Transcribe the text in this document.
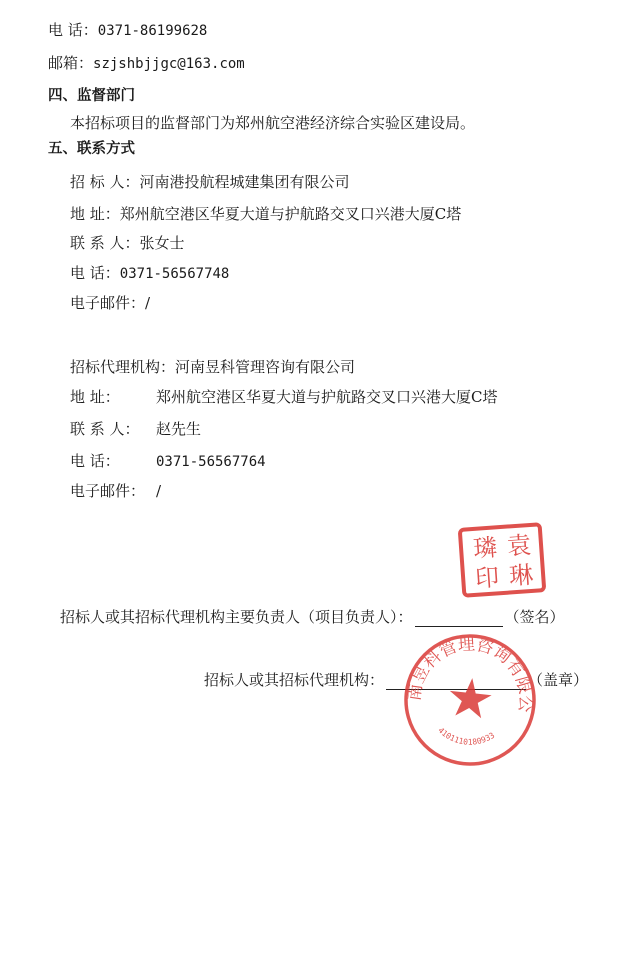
电 话：0371-86199628
邮箱：szjshbjjgc@163.com
四、监督部门
本招标项目的监督部门为郑州航空港经济综合实验区建设局。
五、联系方式
招 标 人：河南港投航程城建集团有限公司
地 址：郑州航空港区华夏大道与护航路交叉口兴港大厦C塔
联 系 人：张女士
电 话：0371-56567748
电子邮件：/
招标代理机构：河南昱科管理咨询有限公司
地 址： 郑州航空港区华夏大道与护航路交叉口兴港大厦C塔
联 系 人： 赵先生
电 话：	0371-56567764
电子邮件： /
招标人或其招标代理机构主要负责人（项目负责人）：	（签名）
招标人或其招标代理机构：	（盖章）
璘 袁
印 琳
河南昱科管理咨询有限公司
4101110180933
